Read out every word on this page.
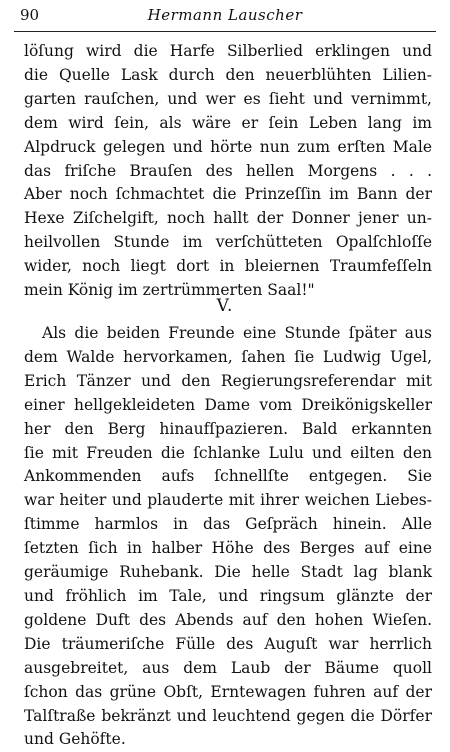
90	Hermann Lauscher
löſung wird die Harfe Silberlied erklingen und
die Quelle Lask durch den neuerblühten Lilien-
garten rauſchen, und wer es ſieht und vernimmt,
dem wird ſein, als wäre er ſein Leben lang im
Alpdruck gelegen und hörte nun zum erſten Male
das friſche Brauſen des hellen Morgens . . .
Aber noch ſchmachtet die Prinzeſſin im Bann der
Hexe Ziſchelgift, noch hallt der Donner jener un-
heilvollen Stunde im verſchütteten Opalſchloſſe
wider, noch liegt dort in bleiernen Traumfeſſeln
mein König im zertrümmerten Saal!"
V.
Als die beiden Freunde eine Stunde ſpäter aus
dem Walde hervorkamen, ſahen ſie Ludwig Ugel,
Erich Tänzer und den Regierungsreferendar mit
einer hellgekleideten Dame vom Dreikönigskeller
her den Berg hinaufſpazieren. Bald erkannten
ſie mit Freuden die ſchlanke Lulu und eilten den
Ankommenden aufs ſchnellſte entgegen. Sie
war heiter und plauderte mit ihrer weichen Liebes-
ſtimme harmlos in das Geſpräch hinein. Alle
ſetzten ſich in halber Höhe des Berges auf eine
geräumige Ruhebank. Die helle Stadt lag blank
und fröhlich im Tale, und ringsum glänzte der
goldene Duft des Abends auf den hohen Wieſen.
Die träumeriſche Fülle des Auguſt war herrlich
ausgebreitet, aus dem Laub der Bäume quoll
ſchon das grüne Obſt, Erntewagen fuhren auf der
Talſtraße bekränzt und leuchtend gegen die Dörfer
und Gehöfte.
